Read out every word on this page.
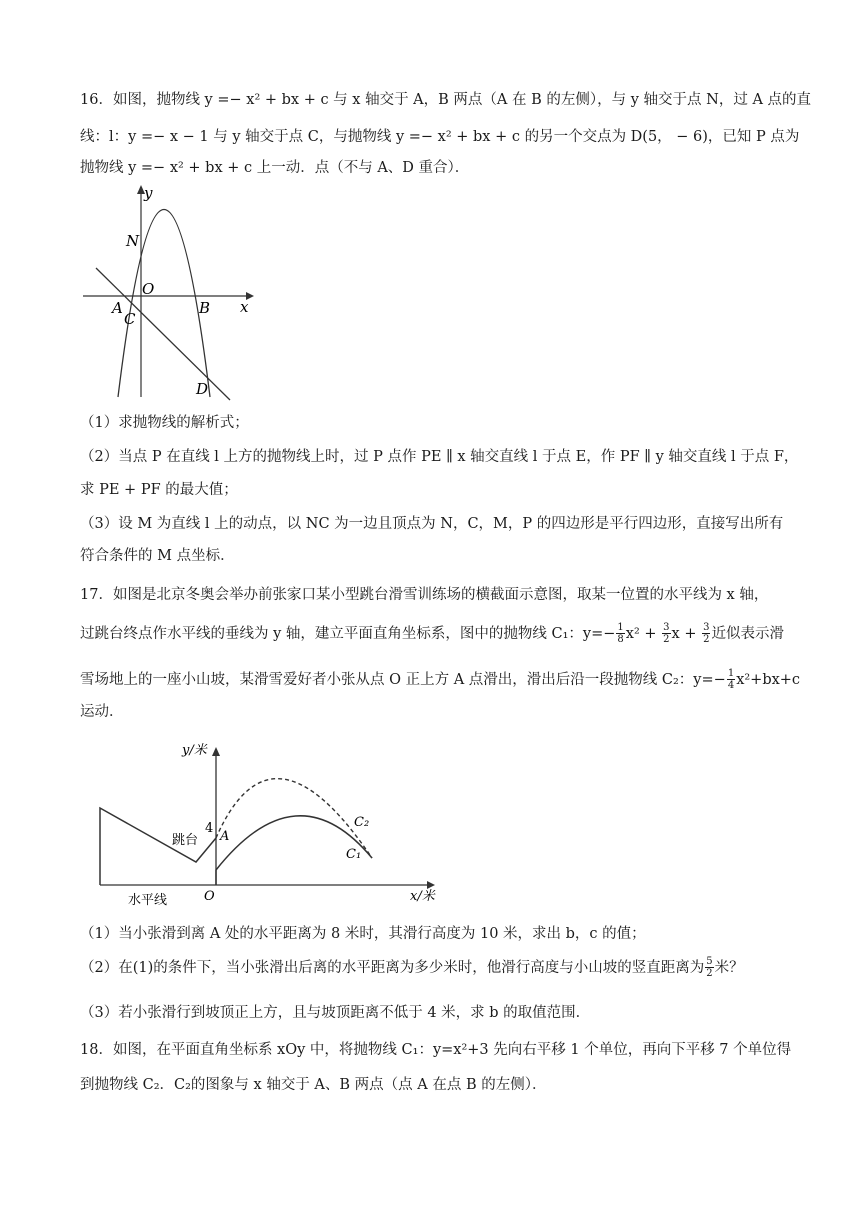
16．如图，抛物线 y =− x² + bx + c 与 x 轴交于 A，B 两点（A 在 B 的左侧），与 y 轴交于点 N，过 A 点的直
线：l：y =− x − 1 与 y 轴交于点 C，与抛物线 y =− x² + bx + c 的另一个交点为 D(5， − 6)，已知 P 点为
抛物线 y =− x² + bx + c 上一动．点（不与 A、D 重合）．
y
x
N
O
A	B
C
D
（1）求抛物线的解析式；
（2）当点 P 在直线 l 上方的抛物线上时，过 P 点作 PE ∥ x 轴交直线 l 于点 E，作 PF ∥ y 轴交直线 l 于点 F，
求 PE + PF 的最大值；
（3）设 M 为直线 l 上的动点，以 NC 为一边且顶点为 N，C，M，P 的四边形是平行四边形，直接写出所有
符合条件的 M 点坐标．
17．如图是北京冬奥会举办前张家口某小型跳台滑雪训练场的横截面示意图，取某一位置的水平线为 x 轴，
过跳台终点作水平线的垂线为 y 轴，建立平面直角坐标系，图中的抛物线 C₁：$y=- \frac{1}{8} x^2 + \frac{3}{2}$ $x + \frac{3}{2}$ 近似表示滑
雪场地上的一座小山坡，某滑雪爱好者小张从点 O 正上方 A 点滑出，滑出后沿一段抛物线 C₂：$y=- \frac{1}{4} x^2+bx+c$
运动．
y/米
x/米
4
A
O
跳台
水平线
C₁
C₂
（1）当小张滑到离 A 处的水平距离为 8 米时，其滑行高度为 10 米，求出 b，c 的值；
（2）在(1)的条件下，当小张滑出后离的水平距离为多少米时，他滑行高度与小山坡的竖直距离为 $\frac{5}{2}$ 米？
（3）若小张滑行到坡顶正上方，且与坡顶距离不低于 4 米，求 b 的取值范围．
18．如图，在平面直角坐标系 xOy 中，将抛物线 C₁：y=x²+3 先向右平移 1 个单位，再向下平移 7 个单位得
到抛物线 C₂．C₂的图象与 x 轴交于 A、B 两点（点 A 在点 B 的左侧）．
